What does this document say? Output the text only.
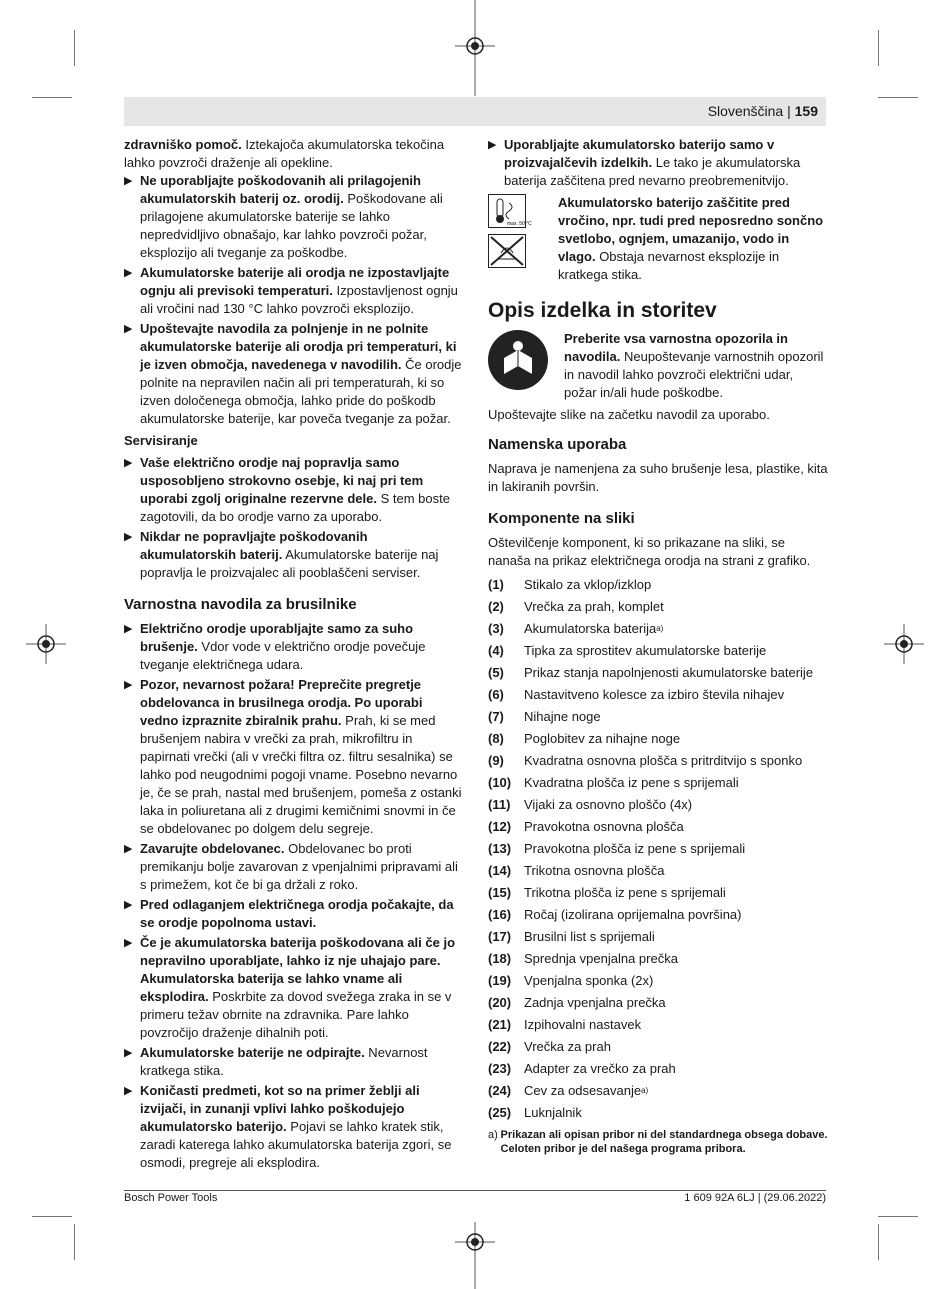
Slovenščina | 159

zdravniško pomoč. Iztekajoča akumulatorska tekočina lahko povzroči draženje ali opekline.

▶ Ne uporabljajte poškodovanih ali prilagojenih akumulatorskih baterij oz. orodij. Poškodovane ali prilagojene akumulatorske baterije se lahko nepredvidljivo obnašajo, kar lahko povzroči požar, eksplozijo ali tveganje za poškodbe.
▶ Akumulatorske baterije ali orodja ne izpostavljajte ognju ali previsoki temperaturi. Izpostavljenost ognju ali vročini nad 130 °C lahko povzroči eksplozijo.
▶ Upoštevajte navodila za polnjenje in ne polnite akumulatorske baterije ali orodja pri temperaturi, ki je izven območja, navedenega v navodilih. Če orodje polnite na nepravilen način ali pri temperaturah, ki so izven določenega območja, lahko pride do poškodb akumulatorske baterije, kar poveča tveganje za požar.
Servisiranje
▶ Vaše električno orodje naj popravlja samo usposobljeno strokovno osebje, ki naj pri tem uporabi zgolj originalne rezervne dele. S tem boste zagotovili, da bo orodje varno za uporabo.
▶ Nikdar ne popravljajte poškodovanih akumulatorskih baterij. Akumulatorske baterije naj popravlja le proizvajalec ali pooblaščeni serviser.
Varnostna navodila za brusilnike
▶ Električno orodje uporabljajte samo za suho brušenje. Vdor vode v električno orodje povečuje tveganje električnega udara.
▶ Pozor, nevarnost požara! Preprečite pregretje obdelovanca in brusilnega orodja. Po uporabi vedno izpraznite zbiralnik prahu. Prah, ki se med brušenjem nabira v vrečki za prah, mikrofiltru in papirnati vrečki (ali v vrečki filtra oz. filtru sesalnika) se lahko pod neugodnimi pogoji vname. Posebno nevarno je, če se prah, nastal med brušenjem, pomeša z ostanki laka in poliuretana ali z drugimi kemičnimi snovmi in če se obdelovanec po dolgem delu segreje.
▶ Zavarujte obdelovanec. Obdelovanec bo proti premikanju bolje zavarovan z vpenjalnimi pripravami ali s primežem, kot če bi ga držali z roko.
▶ Pred odlaganjem električnega orodja počakajte, da se orodje popolnoma ustavi.
▶ Če je akumulatorska baterija poškodovana ali če jo nepravilno uporabljate, lahko iz nje uhajajo pare. Akumulatorska baterija se lahko vname ali eksplodira. Poskrbite za dovod svežega zraka in se v primeru težav obrnite na zdravnika. Pare lahko povzročijo draženje dihalnih poti.
▶ Akumulatorske baterije ne odpirajte. Nevarnost kratkega stika.
▶ Koničasti predmeti, kot so na primer žeblji ali izvijači, in zunanji vplivi lahko poškodujejo akumulatorsko baterijo. Pojavi se lahko kratek stik, zaradi katerega lahko akumulatorska baterija zgori, se osmodi, pregreje ali eksplodira.
▶ Uporabljajte akumulatorsko baterijo samo v proizvajalčevih izdelkih. Le tako je akumulatorska baterija zaščitena pred nevarno preobremenitvijo.
max. 50 °C

Akumulatorsko baterijo zaščitite pred vročino, npr. tudi pred neposredno sončno svetlobo, ognjem, umazanijo, vodo in vlago. Obstaja nevarnost eksplozije in kratkega stika.

Opis izdelka in storitev

Preberite vsa varnostna opozorila in navodila. Neupoštevanje varnostnih opozoril in navodil lahko povzroči električni udar, požar in/ali hude poškodbe.

Upoštevajte slike na začetku navodil za uporabo.

Namenska uporaba

Naprava je namenjena za suho brušenje lesa, plastike, kita in lakiranih površin.

Komponente na sliki

Oštevilčenje komponent, ki so prikazane na sliki, se nanaša na prikaz električnega orodja na strani z grafiko.

(1)	Stikalo za vklop/izklop
(2)	Vrečka za prah, komplet
(3)	Akumulatorska baterija a)
(4)	Tipka za sprostitev akumulatorske baterije
(5)	Prikaz stanja napolnjenosti akumulatorske baterije
(6)	Nastavitveno kolesce za izbiro števila nihajev
(7)	Nihajne noge
(8)	Poglobitev za nihajne noge
(9)	Kvadratna osnovna plošča s pritrditvijo s sponko
(10) Kvadratna plošča iz pene s sprijemali
(11)	Vijaki za osnovno ploščo (4x)
(12) Pravokotna osnovna plošča
(13) Pravokotna plošča iz pene s sprijemali
(14) Trikotna osnovna plošča
(15) Trikotna plošča iz pene s sprijemali
(16) Ročaj (izolirana oprijemalna površina)
(17) Brusilni list s sprijemali
(18) Sprednja vpenjalna prečka
(19) Vpenjalna sponka (2x)
(20) Zadnja vpenjalna prečka
(21) Izpihovalni nastavek
(22) Vrečka za prah
(23) Adapter za vrečko za prah
(24) Cev za odsesavanje a)
(25) Luknjalnik
a) Prikazan ali opisan pribor ni del standardnega obsega dobave. Celoten pribor je del našega programa pribora.
Bosch Power Tools	1 609 92A 6LJ | (29.06.2022)
